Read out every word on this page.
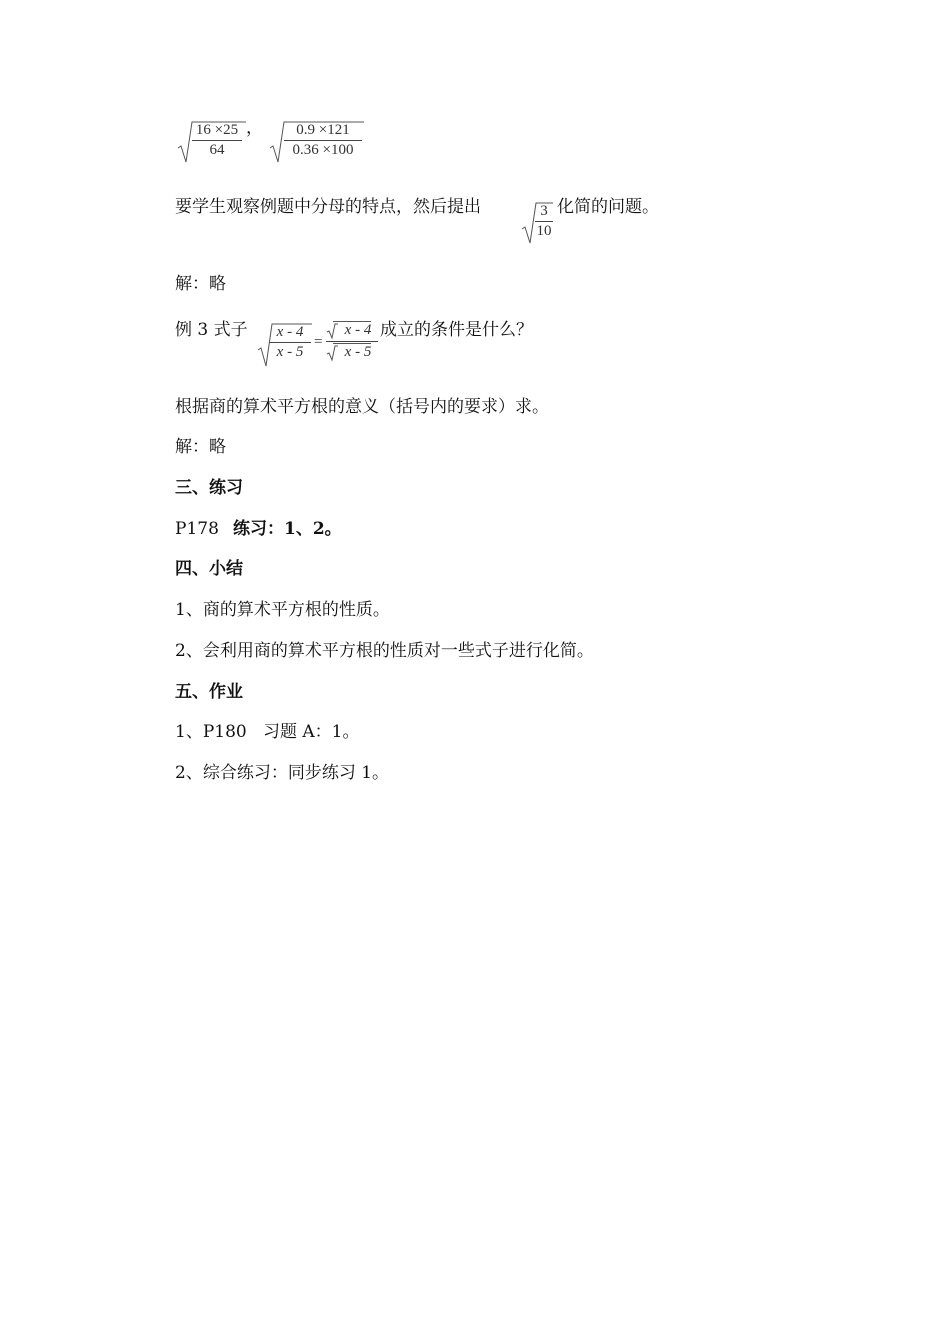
16 ×25
64
，	0.9 ×121
0.36 ×100
要学生观察例题中分母的特点，然后提出	3
10
化简的问题。
解：略
例 3 式子	x - 4
x - 5
=
x - 4
x - 5
成立的条件是什么？
根据商的算术平方根的意义（括号内的要求）求。
解：略
三、练习
P178 练习：1、2。
四、小结
1、商的算术平方根的性质。
2、会利用商的算术平方根的性质对一些式子进行化简。
五、作业
1、P180 习题 A：1。
2、综合练习：同步练习 1。
